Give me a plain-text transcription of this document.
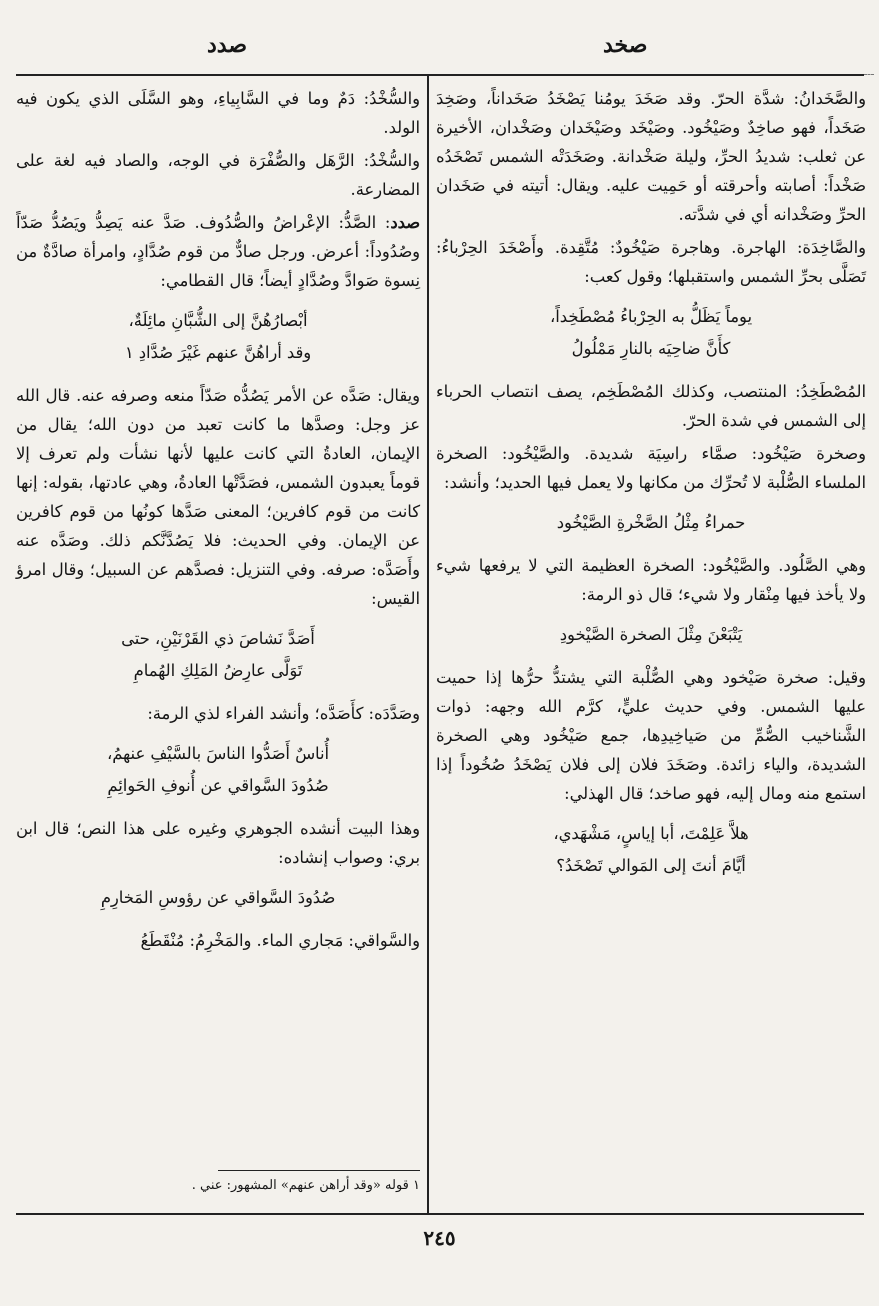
صخد
صدد

والصَّخَدانُ: شدَّة الحرّ. وقد صَخَدَ يومُنا يَصْخَدُ صَخَداناً، وصَخِدَ صَخَداً، فهو صاخِدٌ وصَيْخُود. وصَيْخَد وصَيْخَدان وصَخْدان، الأخيرة عن ثعلب: شديدُ الحرِّ، وليلة صَخْدانة. وصَخَدَتْه الشمس تَصْخَدُه صَخْداً: أصابته وأحرقته أو حَمِيت عليه. ويقال: أتيته في صَخَدان الحرِّ وصَخْدانه أي في شدَّته.

والصَّاخِدَة: الهاجرة. وهاجرة صَيْخُودٌ: مُتَّقِدة. وأَصْخَدَ الحِرْباءُ: تَصَلَّى بحرِّ الشمس واستقبلها؛ وقول كعب:

يوماً يَظَلُّ به الحِرْباءُ مُصْطَخِداً،
كأَنَّ ضاحِيَه بالنارِ مَمْلُولُ

المُصْطَخِدُ: المنتصب، وكذلك المُصْطَخِم، يصف انتصاب الحرباء إلى الشمس في شدة الحرّ.

وصخرة صَيْخُود: صمَّاء راسِيَة شديدة. والصَّيْخُود: الصخرة الملساء الصُّلْبة لا تُحرِّك من مكانها ولا يعمل فيها الحديد؛ وأنشد:

حمراءُ مِثْلُ الصَّخْرةِ الصَّيْخُود

وهي الصَّلُود. والصَّيْخُود: الصخرة العظيمة التي لا يرفعها شيء ولا يأخذ فيها مِنْقار ولا شيء؛ قال ذو الرمة:

يَتْبَعْنَ مِثْلَ الصخرة الصَّيْخودِ

وقيل: صخرة صَيْخود وهي الصُّلْبة التي يشتدُّ حرُّها إذا حميت عليها الشمس. وفي حديث عليٍّ، كرَّم الله وجهه: ذوات الشَّناخيب الصُّمِّ من صَياخِيدِها، جمع صَيْخُود وهي الصخرة الشديدة، والياء زائدة. وصَخَدَ فلان إلى فلان يَصْخَدُ صُخُوداً إذا استمع منه ومال إليه، فهو صاخد؛ قال الهذلي:

هلاَّ عَلِمْتَ، أبا إياسٍ، مَشْهَدي،
أيَّامَ أنتَ إلى المَوالي تَصْخَدُ؟

والسُّخْدُ: دَمٌ وما في السَّابِياءِ، وهو السَّلَى الذي يكون فيه الولد.

والسُّخْدُ: الرَّهَل والصُّفْرَة في الوجه، والصاد فيه لغة على المضارعة.

صدد: الصَّدُّ: الإعْراضُ والصُّدُوف. صَدَّ عنه يَصِدُّ ويَصُدُّ صَدّاً وصُدُوداً: أعرض. ورجل صادٌّ من قوم صُدَّادٍ، وامرأة صادَّةٌ من نِسوة صَوادَّ وصُدَّادٍ أيضاً؛ قال القطامي:

أبْصارُهُنَّ إلى الشُّبَّانِ مائِلَةٌ،
وقد أراهُنَّ عنهم غَيْرَ صُدَّادِ ١

ويقال: صَدَّه عن الأمر يَصُدُّه صَدّاً منعه وصرفه عنه. قال الله عز وجل: وصدَّها ما كانت تعبد من دون الله؛ يقال من الإيمان، العادةُ التي كانت عليها لأنها نشأت ولم تعرف إلا قوماً يعبدون الشمس، فصَدَّتْها العادةُ، وهي عادتها، بقوله: إنها كانت من قوم كافرين؛ المعنى صَدَّها كونُها من قوم كافرين عن الإيمان. وفي الحديث: فلا يَصُدَّنَّكم ذلك. وصَدَّه عنه وأَصَدَّه: صرفه. وفي التنزيل: فصدَّهم عن السبيل؛ وقال امرؤ القيس:

أَصَدَّ نَشاصَ ذي القَرْنَيْنِ، حتى
تَوَلَّى عارِضُ المَلِكِ الهُمامِ

وصَدَّدَه: كأَصَدَّه؛ وأنشد الفراء لذي الرمة:

أُناسٌ أَصَدُّوا الناسَ بالسَّيْفِ عنهمُ،
صُدُودَ السَّواقي عن أُنوفِ الحَوائِمِ

وهذا البيت أنشده الجوهري وغيره على هذا النص؛ قال ابن بري: وصواب إنشاده:

صُدُودَ السَّواقي عن رؤوسِ المَخارِمِ

والسَّواقي: مَجاري الماء. والمَخْرِمُ: مُنْقَطَعُ

١ قوله «وقد أراهن عنهم» المشهور: عني .
٢٤٥
